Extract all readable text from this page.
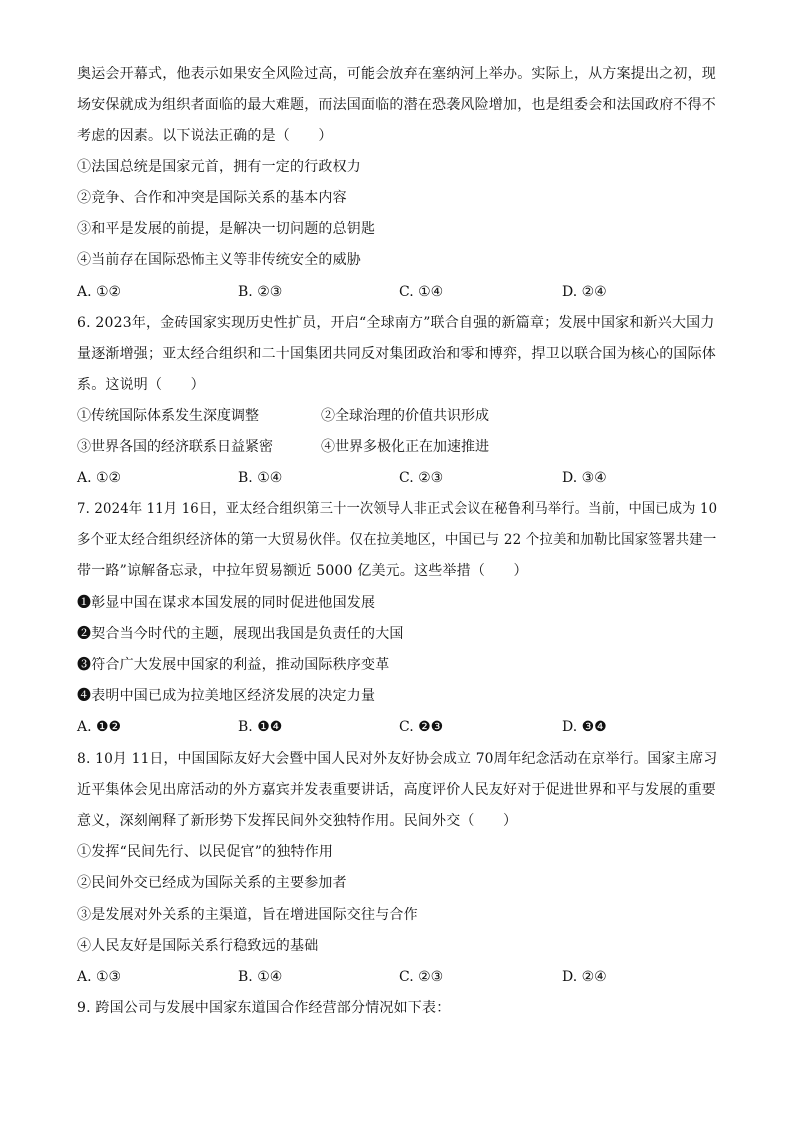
奥运会开幕式，他表示如果安全风险过高，可能会放弃在塞纳河上举办。实际上，从方案提出之初，现
场安保就成为组织者面临的最大难题，而法国面临的潜在恐袭风险增加，也是组委会和法国政府不得不
考虑的因素。以下说法正确的是（　　）
①法国总统是国家元首，拥有一定的行政权力
②竞争、合作和冲突是国际关系的基本内容
③和平是发展的前提，是解决一切问题的总钥匙
④当前存在国际恐怖主义等非传统安全的威胁
A. ①②	B. ②③	C. ①④	D. ②④
6. 2023年，金砖国家实现历史性扩员，开启“全球南方”联合自强的新篇章；发展中国家和新兴大国力
量逐渐增强；亚太经合组织和二十国集团共同反对集团政治和零和博弈，捍卫以联合国为核心的国际体
系。这说明（　　）
①传统国际体系发生深度调整	②全球治理的价值共识形成
③世界各国的经济联系日益紧密	④世界多极化正在加速推进
A. ①②	B. ①④	C. ②③	D. ③④
7. 2024年 11月 16日，亚太经合组织第三十一次领导人非正式会议在秘鲁利马举行。当前，中国已成为 10
多个亚太经合组织经济体的第一大贸易伙伴。仅在拉美地区，中国已与 22 个拉美和加勒比国家签署共建一
带一路”谅解备忘录，中拉年贸易额近 5000 亿美元。这些举措（　　）
❶彰显中国在谋求本国发展的同时促进他国发展
❷契合当今时代的主题，展现出我国是负责任的大国
❸符合广大发展中国家的利益，推动国际秩序变革
❹表明中国已成为拉美地区经济发展的决定力量
A. ❶❷	B. ❶❹	C. ❷❸	D. ❸❹
8. 10月 11日，中国国际友好大会暨中国人民对外友好协会成立 70周年纪念活动在京举行。国家主席习
近平集体会见出席活动的外方嘉宾并发表重要讲话，高度评价人民友好对于促进世界和平与发展的重要
意义，深刻阐释了新形势下发挥民间外交独特作用。民间外交（　　）
①发挥“民间先行、以民促官”的独特作用
②民间外交已经成为国际关系的主要参加者
③是发展对外关系的主渠道，旨在增进国际交往与合作
④人民友好是国际关系行稳致远的基础
A. ①③	B. ①④	C. ②③	D. ②④
9. 跨国公司与发展中国家东道国合作经营部分情况如下表：
